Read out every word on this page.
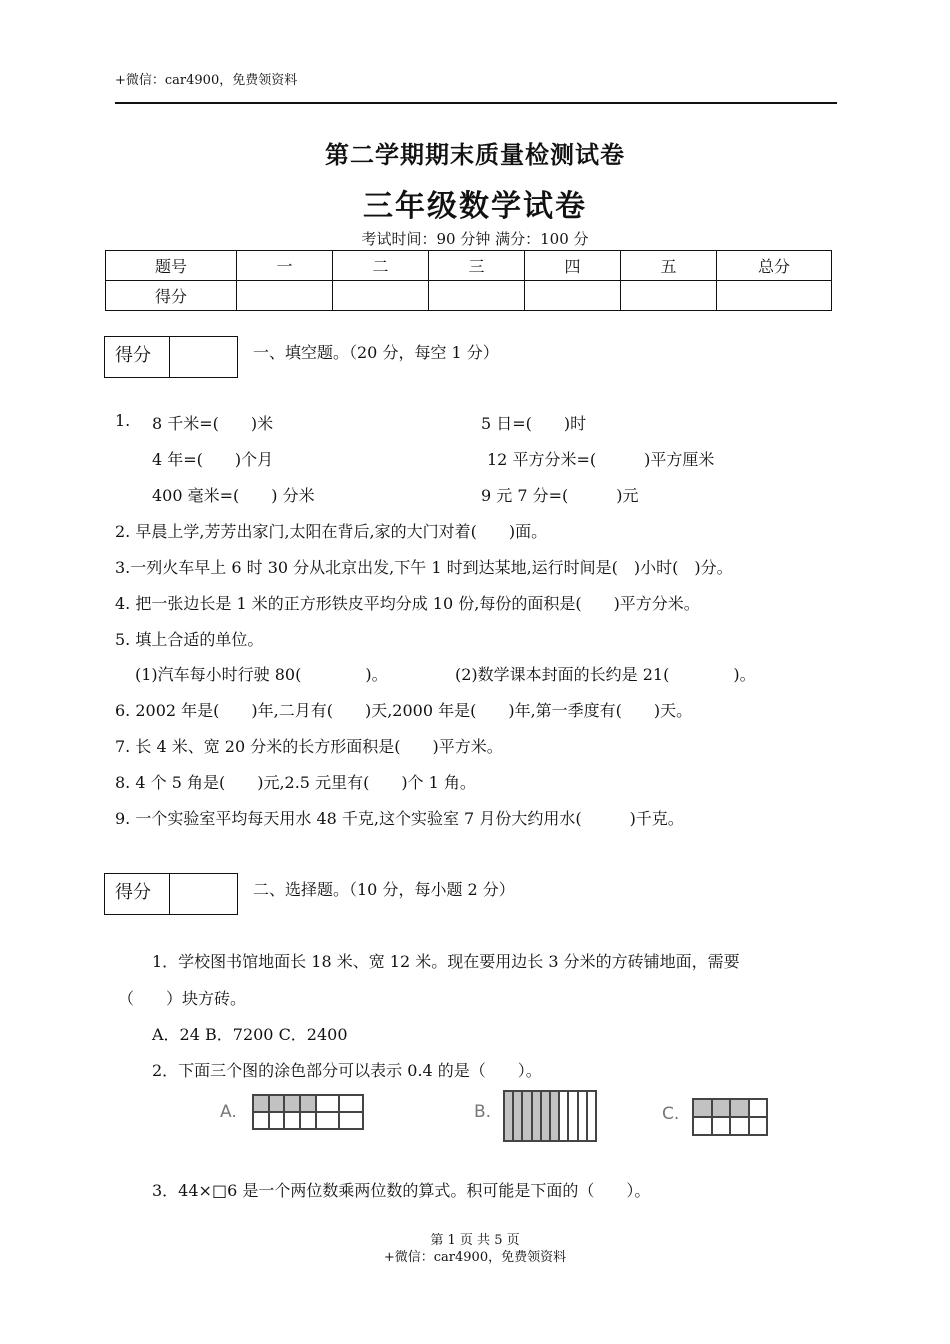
+微信：car4900，免费领资料
第二学期期末质量检测试卷
三年级数学试卷
考试时间：90 分钟 满分：100 分
题号	一	二	三	四	五	总分
得分						
得分	一、填空题。（20 分，每空 1 分）
1. 8 千米=(　　)米	5 日=(　　)时
4 年=(　　)个月	12 平方分米=(　　　)平方厘米
400 毫米=(　　) 分米	9 元 7 分=(　　　)元
2. 早晨上学,芳芳出家门,太阳在背后,家的大门对着(　　)面。
3.一列火车早上 6 时 30 分从北京出发,下午 1 时到达某地,运行时间是(　)小时(　)分。
4. 把一张边长是 1 米的正方形铁皮平均分成 10 份,每份的面积是(　　)平方分米。
5. 填上合适的单位。
(1)汽车每小时行驶 80(　　　　)。	(2)数学课本封面的长约是 21(　　　　)。
6. 2002 年是(　　)年,二月有(　　)天,2000 年是(　　)年,第一季度有(　　)天。
7. 长 4 米、宽 20 分米的长方形面积是(　　)平方米。
8. 4 个 5 角是(　　)元,2.5 元里有(　　)个 1 角。
9. 一个实验室平均每天用水 48 千克,这个实验室 7 月份大约用水(　　　)千克。
得分	二、选择题。（10 分，每小题 2 分）
1．学校图书馆地面长 18 米、宽 12 米。现在要用边长 3 分米的方砖铺地面，需要
（　　）块方砖。
A．24 B．7200 C．2400
2．下面三个图的涂色部分可以表示 0.4 的是（　　）。
A.	B.	C.
3．44×□6 是一个两位数乘两位数的算式。积可能是下面的（　　）。
第 1 页 共 5 页
+微信：car4900，免费领资料
